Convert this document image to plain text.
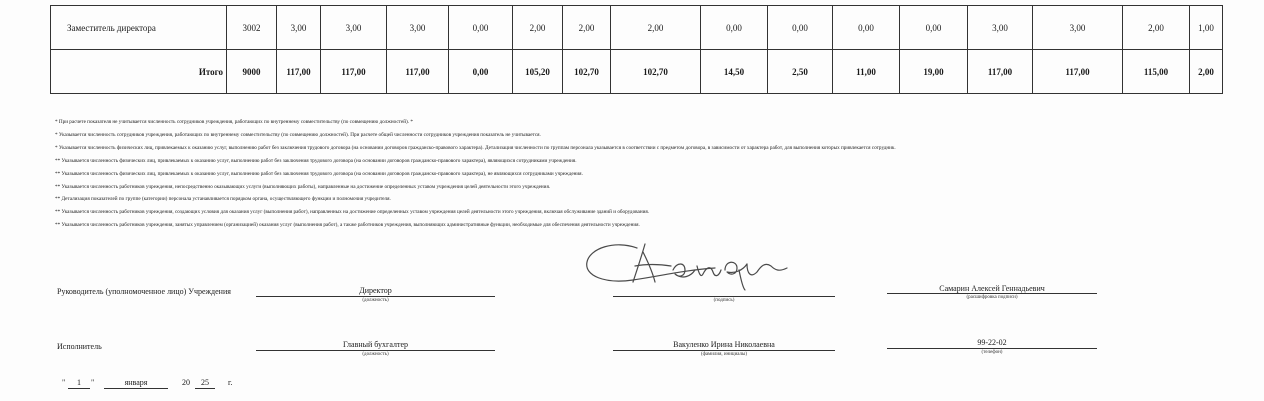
Заместитель директора	3002	3,00	3,00	3,00	0,00	2,00	2,00	2,00	0,00	0,00	0,00	0,00	3,00	3,00	2,00	1,00
Итого	9000	117,00	117,00	117,00	0,00	105,20	102,70	102,70	14,50	2,50	11,00	19,00	117,00	117,00	115,00	2,00
* При расчете показателя не учитывается численность сотрудников учреждения, работающих по внутреннему совместительству (по совмещению должностей). *
* Указывается численность сотрудников учреждения, работающих по внутреннему совместительству (по совмещению должностей). При расчете общей численности сотрудников учреждения показатель не учитывается.
* Указывается численность физических лиц, привлекаемых к оказанию услуг, выполнению работ без заключения трудового договора (на основании договоров гражданско-правового характера). Детализация численности по группам персонала указывается в соответствии с предметом договора, в зависимости от характера работ, для выполнения которых привлекается сотрудник.
** Указывается численность физических лиц, привлекаемых к оказанию услуг, выполнению работ без заключения трудового договора (на основании договоров гражданско-правового характера), являющихся сотрудниками учреждения.
** Указывается численность физических лиц, привлекаемых к оказанию услуг, выполнению работ без заключения трудового договора (на основании договоров гражданско-правового характера), не являющихся сотрудниками учреждения.
** Указывается численность работников учреждения, непосредственно оказывающих услуги (выполняющих работы), направленные на достижение определенных уставом учреждения целей деятельности этого учреждения.
** Детализация показателей по группе (категории) персонала устанавливается порядком органа, осуществляющего функции и полномочия учредителя.
** Указывается численность работников учреждения, создающих условия для оказания услуг (выполнения работ), направленных на достижение определенных уставом учреждения целей деятельности этого учреждения, включая обслуживание зданий и оборудования.
** Указывается численность работников учреждения, занятых управлением (организацией) оказания услуг (выполнения работ), а также работников учреждения, выполняющих административные функции, необходимые для обеспечения деятельности учреждения.
Руководитель (уполномоченное лицо) Учреждения	Директор
(должность)	(подпись)
Самарин Алексей Геннадьевич
(расшифровка подписи)
Исполнитель	Главный бухгалтер
(должность)
Вакуленко Ирина Николаевна
(фамилия, инициалы)
99-22-02
(телефон)
"	1	"	января	20	25	г.
